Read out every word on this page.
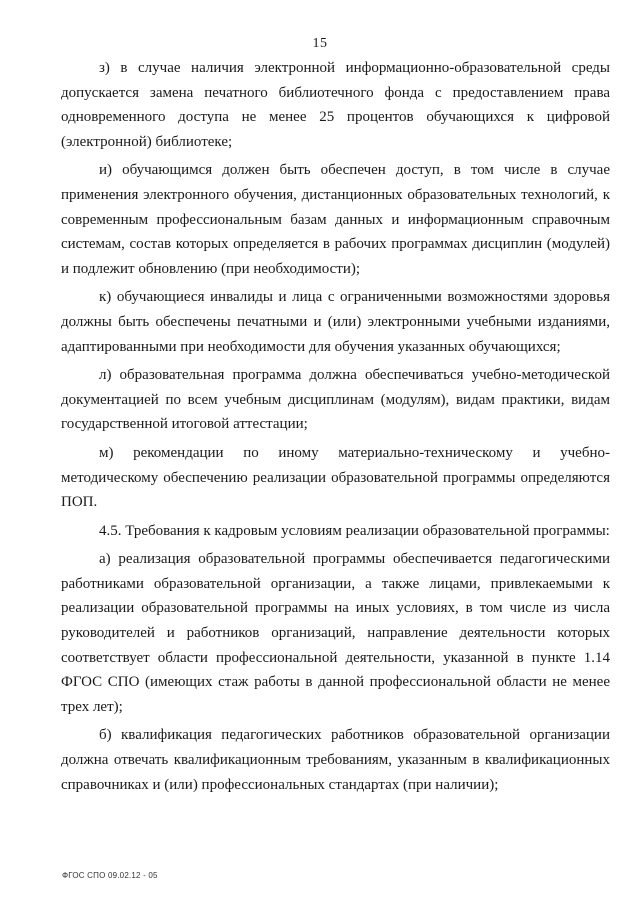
15

з) в случае наличия электронной информационно-образовательной среды допускается замена печатного библиотечного фонда с предоставлением права одновременного доступа не менее 25 процентов обучающихся к цифровой (электронной) библиотеке;

и) обучающимся должен быть обеспечен доступ, в том числе в случае применения электронного обучения, дистанционных образовательных технологий, к современным профессиональным базам данных и информационным справочным системам, состав которых определяется в рабочих программах дисциплин (модулей) и подлежит обновлению (при необходимости);

к) обучающиеся инвалиды и лица с ограниченными возможностями здоровья должны быть обеспечены печатными и (или) электронными учебными изданиями, адаптированными при необходимости для обучения указанных обучающихся;

л) образовательная программа должна обеспечиваться учебно-методической документацией по всем учебным дисциплинам (модулям), видам практики, видам государственной итоговой аттестации;

м) рекомендации по иному материально-техническому и учебно-методическому обеспечению реализации образовательной программы определяются ПОП.

4.5. Требования к кадровым условиям реализации образовательной программы:

а) реализация образовательной программы обеспечивается педагогическими работниками образовательной организации, а также лицами, привлекаемыми к реализации образовательной программы на иных условиях, в том числе из числа руководителей и работников организаций, направление деятельности которых соответствует области профессиональной деятельности, указанной в пункте 1.14 ФГОС СПО (имеющих стаж работы в данной профессиональной области не менее трех лет);

б) квалификация педагогических работников образовательной организации должна отвечать квалификационным требованиям, указанным в квалификационных справочниках и (или) профессиональных стандартах (при наличии);

ФГОС СПО 09.02.12 - 05
